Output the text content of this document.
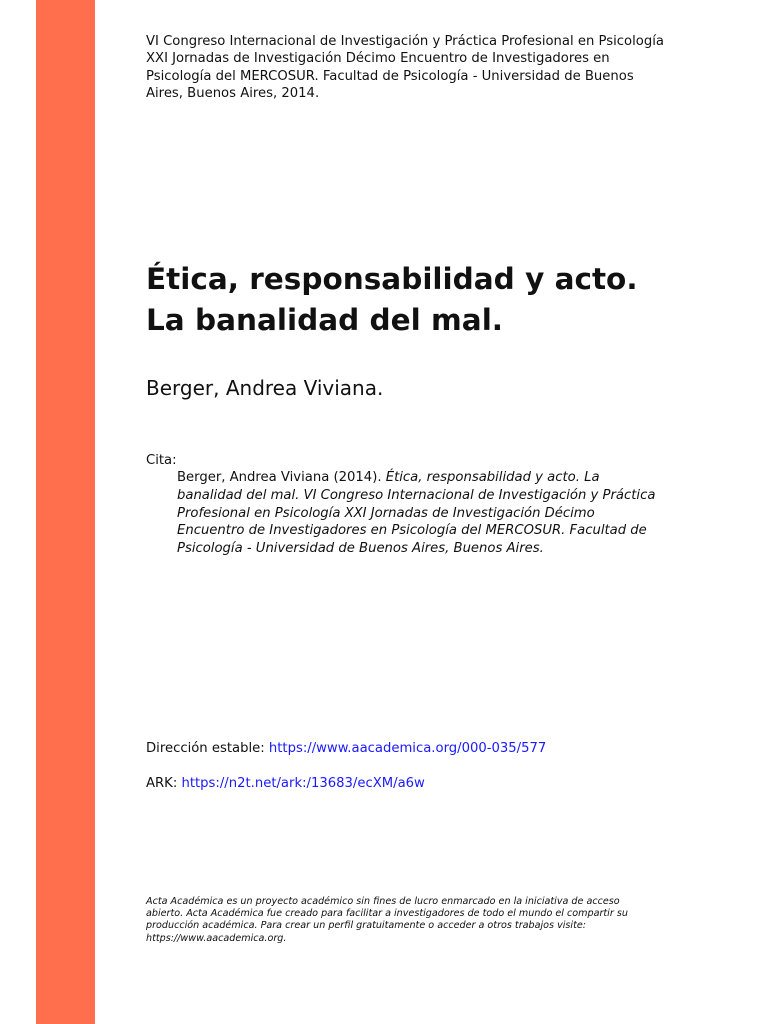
VI Congreso Internacional de Investigación y Práctica Profesional en Psicología
XXI Jornadas de Investigación Décimo Encuentro de Investigadores en
Psicología del MERCOSUR. Facultad de Psicología - Universidad de Buenos
Aires, Buenos Aires, 2014.
Ética, responsabilidad y acto.
La banalidad del mal.
Berger, Andrea Viviana.
Cita:
Berger, Andrea Viviana (2014). Ética, responsabilidad y acto. La
banalidad del mal. VI Congreso Internacional de Investigación y Práctica
Profesional en Psicología XXI Jornadas de Investigación Décimo
Encuentro de Investigadores en Psicología del MERCOSUR. Facultad de
Psicología - Universidad de Buenos Aires, Buenos Aires.
Dirección estable: https://www.aacademica.org/000-035/577
ARK: https://n2t.net/ark:/13683/ecXM/a6w
Acta Académica es un proyecto académico sin fines de lucro enmarcado en la iniciativa de acceso
abierto. Acta Académica fue creado para facilitar a investigadores de todo el mundo el compartir su
producción académica. Para crear un perfil gratuitamente o acceder a otros trabajos visite:
https://www.aacademica.org.
